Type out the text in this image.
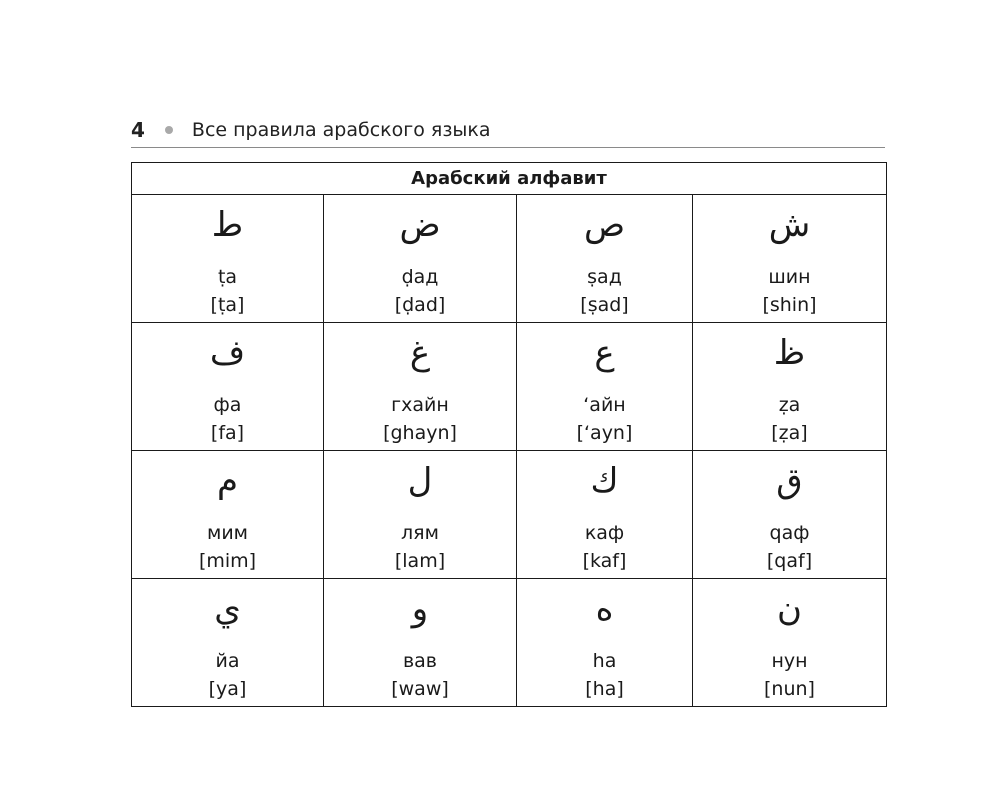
4 Все правила арабского языка
Арабский алфавит			

ط
ṭа
[ṭa]	ض
ḍад
[ḍad]	ص
ṣад
[ṣad]	ش
шин
[shin]

ف
фа
[fa]	غ
гхайн
[ghayn]	ع
ʻайн
[ʻayn]	ظ
ẓа
[ẓa]

م
мим
[mim]	ل
лям
[lam]	ك
каф
[kaf]	ق
qаф
[qaf]

ي
йа
[ya]	و
вав
[waw]	ه
hа
[ha]	ن
нун
[nun]
